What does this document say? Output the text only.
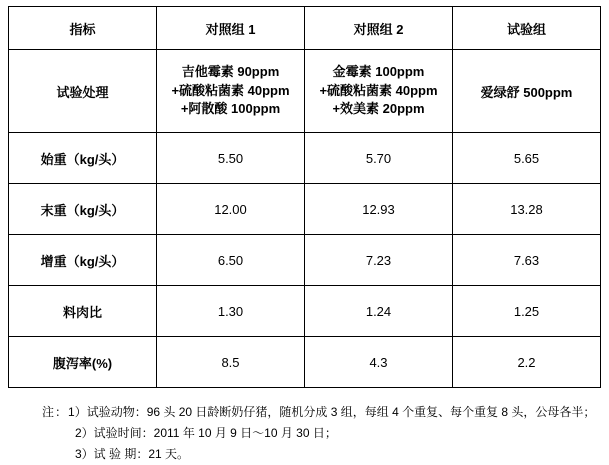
指标	对照组 1	对照组 2	试验组
试验处理	吉他霉素 90ppm
+硫酸粘菌素 40ppm
+阿散酸 100ppm	金霉素 100ppm
+硫酸粘菌素 40ppm
+效美素 20ppm	爱绿舒 500ppm
始重（kg/头）	5.50	5.70	5.65
末重（kg/头）	12.00	12.93	13.28
增重（kg/头）	6.50	7.23	7.63
料肉比	1.30	1.24	1.25
腹泻率(%)	8.5	4.3	2.2
注：1）试验动物：96 头 20 日龄断奶仔猪，随机分成 3 组，每组 4 个重复、每个重复 8 头，公母各半；
2）试验时间：2011 年 10 月 9 日～10 月 30 日；
3）试 验 期：21 天。
